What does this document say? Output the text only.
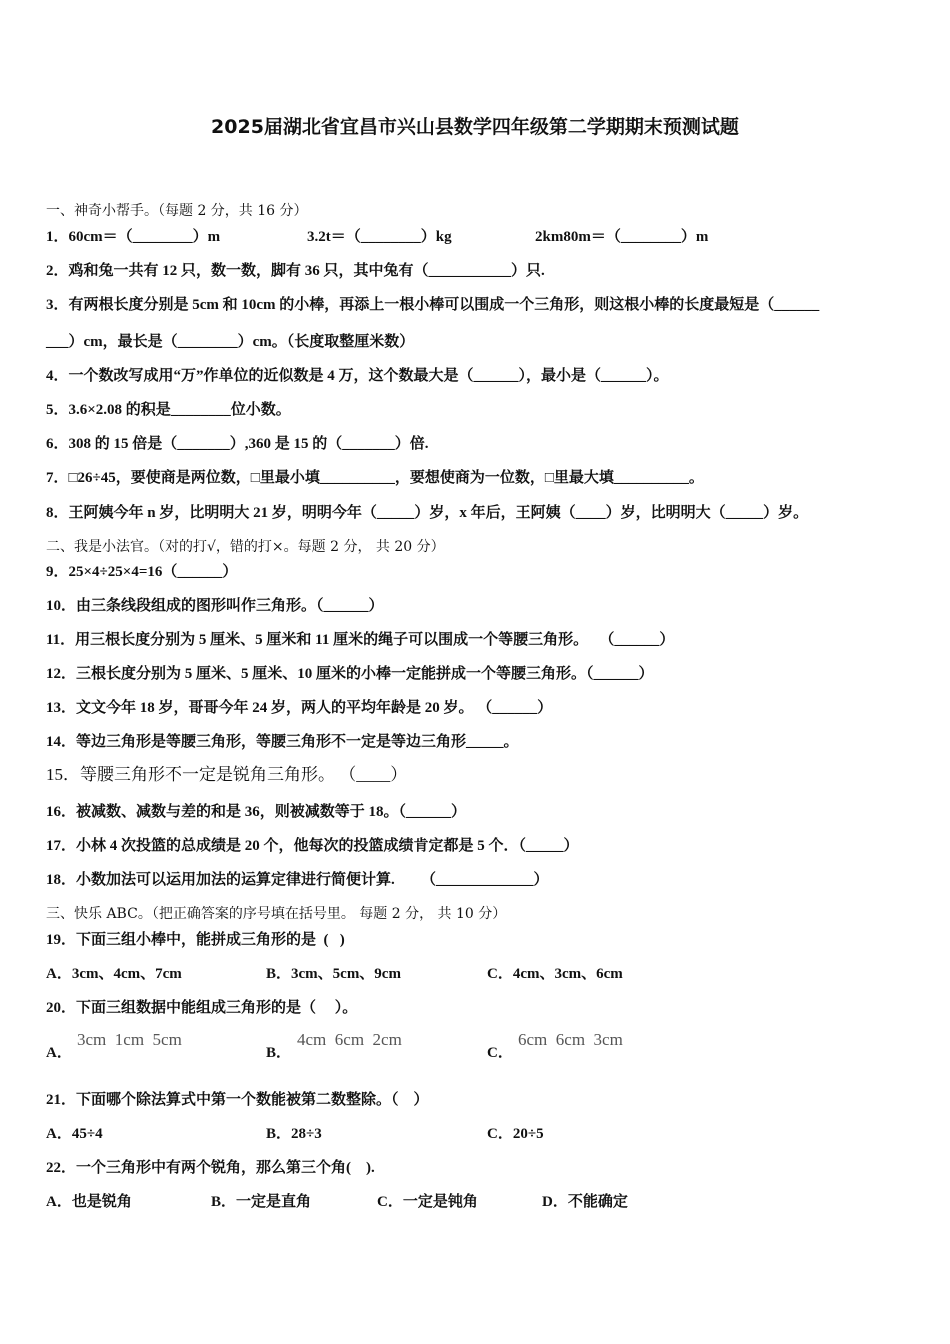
2025届湖北省宜昌市兴山县数学四年级第二学期期末预测试题
一、神奇小帮手。（每题 2 分，共 16 分）
2．鸡和兔一共有 12 只，数一数，脚有 36 只，其中兔有（___________）只.
3．有两根长度分别是 5cm 和 10cm 的小棒，再添上一根小棒可以围成一个三角形，则这根小棒的长度最短是（______
___）cm，最长是（________）cm。（长度取整厘米数）
4．一个数改写成用“万”作单位的近似数是 4 万，这个数最大是（______），最小是（______）。
5．3.6×2.08 的积是________位小数。
6．308 的 15 倍是（_______）,360 是 15 的（_______）倍.
7．□26÷45，要使商是两位数，□里最小填__________，要想使商为一位数，□里最大填__________。
8．王阿姨今年 n 岁，比明明大 21 岁，明明今年（_____）岁，x 年后，王阿姨（____）岁，比明明大（_____）岁。
二、我是小法官。（对的打√，错的打×。每题 2 分， 共 20 分）
9．25×4÷25×4=16（______）
10．由三条线段组成的图形叫作三角形。（______）
11．用三根长度分别为 5 厘米、5 厘米和 11 厘米的绳子可以围成一个等腰三角形。   （______）
12．三根长度分别为 5 厘米、5 厘米、10 厘米的小棒一定能拼成一个等腰三角形。（______）
13．文文今年 18 岁，哥哥今年 24 岁，两人的平均年龄是 20 岁。 （______）
14．等边三角形是等腰三角形，等腰三角形不一定是等边三角形_____。
15．等腰三角形不一定是锐角三角形。 （____）
16．被减数、减数与差的和是 36，则被减数等于 18。（______）
17．小林 4 次投篮的总成绩是 20 个，他每次的投篮成绩肯定都是 5 个．（_____）
18．小数加法可以运用加法的运算定律进行简便计算.       （_____________）
三、快乐 ABC。（把正确答案的序号填在括号里。 每题 2 分， 共 10 分）
19．下面三组小棒中，能拼成三角形的是  (   )
20．下面三组数据中能组成三角形的是（     ）。
21．下面哪个除法算式中第一个数能被第二数整除。（    ）
22．一个三角形中有两个锐角，那么第三个角(    ).
1．60cm＝（________）m	3.2t＝（________）kg	2km80m＝（________）m
A．3cm、4cm、7cm	B．3cm、5cm、9cm	C．4cm、3cm、6cm
A．
3cm  1cm  5cm
B．
4cm  6cm  2cm
C．
6cm  6cm  3cm
A．45÷4	B．28÷3	C．20÷5
A．也是锐角	B．一定是直角	C．一定是钝角	D．不能确定
